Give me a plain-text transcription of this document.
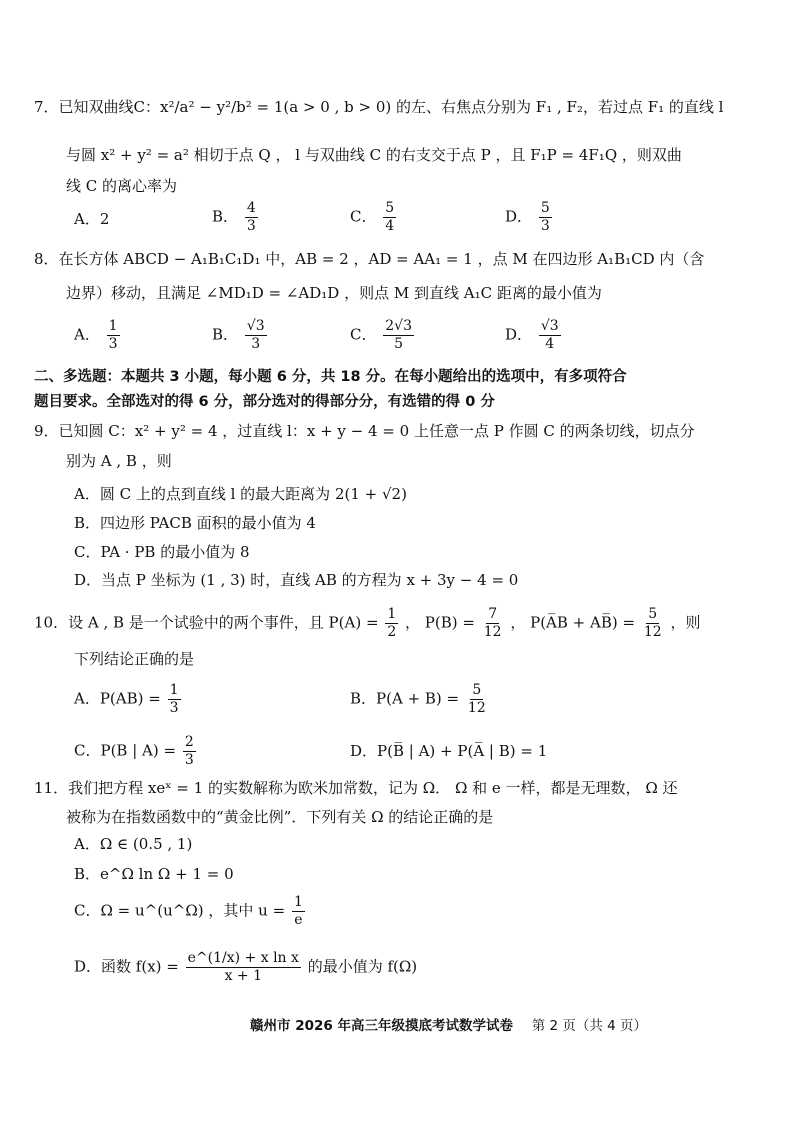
7．已知双曲线C：x²/a² − y²/b² = 1(a > 0 , b > 0) 的左、右焦点分别为 F₁ , F₂，若过点 F₁ 的直线 l
与圆 x² + y² = a² 相切于点 Q ， l 与双曲线 C 的右支交于点 P ，且 F₁P = 4F₁Q ，则双曲
线 C 的离心率为
A．2	B． $\frac{4}{3}$	C． $\frac{5}{4}$	D． $\frac{5}{3}$
8．在长方体 ABCD − A₁B₁C₁D₁ 中，AB = 2 ，AD = AA₁ = 1 ，点 M 在四边形 A₁B₁CD 内（含
边界）移动，且满足 ∠MD₁D = ∠AD₁D ，则点 M 到直线 A₁C 距离的最小值为
A． $\frac{1}{3}$	B． $\frac{√3}{3}$	C． $\frac{2√3}{5}$	D． $\frac{√3}{4}$
二、多选题：本题共 3 小题，每小题 6 分，共 18 分。在每小题给出的选项中，有多项符合
题目要求。全部选对的得 6 分，部分选对的得部分分，有选错的得 0 分
9．已知圆 C：x² + y² = 4 ，过直线 l：x + y − 4 = 0 上任意一点 P 作圆 C 的两条切线，切点分
别为 A , B ，则
A．圆 C 上的点到直线 l 的最大距离为 2(1 + √2)
B．四边形 PACB 面积的最小值为 4
C．PA · PB 的最小值为 8
D．当点 P 坐标为 (1 , 3) 时，直线 AB 的方程为 x + 3y − 4 = 0
10．设 A , B 是一个试验中的两个事件，且 $P(A) = \frac{1}{2}$ ， $P(B) = \frac{7}{12}$ ， P(A̅B + AB̅) = $\frac{5}{12}$ ，则
下列结论正确的是
A．$P(AB) = \frac{1}{3}$	B．$P(A + B) = \frac{5}{12}$
C．P(B | $A) = \frac{2}{3}$	D．P(B̅ | A) + P(A̅ | B) = 1
11．我们把方程 xeˣ = 1 的实数解称为欧米加常数，记为 Ω． Ω 和 e 一样，都是无理数， Ω 还
被称为在指数函数中的“黄金比例”．下列有关 Ω 的结论正确的是
A．Ω ∈ (0.5 , 1)
B．e^Ω ln Ω + 1 = 0
C．Ω = u^(u^Ω) ，其中 $u = \frac{1}{e}$
D．函数 $f(x) = \frac{\text{e\textasciicircum{}(1/x) + x ln x}}{x + 1}$ 的最小值为 f(Ω)
赣州市 2026 年高三年级摸底考试数学试卷 第 2 页（共 4 页）
